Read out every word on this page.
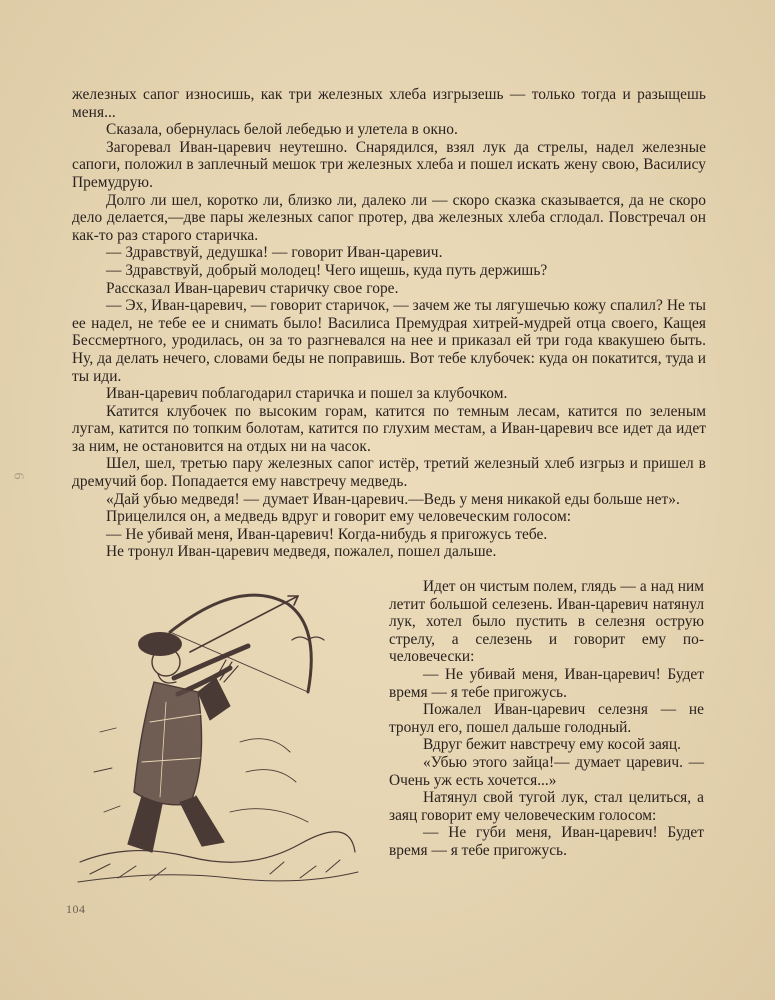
железных сапог износишь, как три железных хлеба изгрызешь — только тогда и разыщешь меня...

Сказала, обернулась белой лебедью и улетела в окно.

Загоревал Иван-царевич неутешно. Снарядился, взял лук да стрелы, надел железные сапоги, положил в заплечный мешок три железных хлеба и пошел искать жену свою, Василису Премудрую.

Долго ли шел, коротко ли, близко ли, далеко ли — скоро сказка сказывается, да не скоро дело делается,—две пары железных сапог протер, два железных хлеба сглодал. Повстречал он как-то раз старого старичка.

— Здравствуй, дедушка! — говорит Иван-царевич.

— Здравствуй, добрый молодец! Чего ищешь, куда путь держишь?

Рассказал Иван-царевич старичку свое горе.

— Эх, Иван-царевич, — говорит старичок, — зачем же ты лягушечью кожу спалил? Не ты ее надел, не тебе ее и снимать было! Василиса Премудрая хитрей-мудрей отца своего, Кащея Бессмертного, уродилась, он за то разгневался на нее и приказал ей три года квакушею быть. Ну, да делать нечего, словами беды не поправишь. Вот тебе клубочек: куда он покатится, туда и ты иди.

Иван-царевич поблагодарил старичка и пошел за клубочком.

Катится клубочек по высоким горам, катится по темным лесам, катится по зеленым лугам, катится по топким болотам, катится по глухим местам, а Иван-царевич все идет да идет за ним, не остановится на отдых ни на часок.

Шел, шел, третью пару железных сапог истёр, третий железный хлеб изгрыз и пришел в дремучий бор. Попадается ему навстречу медведь.

«Дай убью медведя! — думает Иван-царевич.—Ведь у меня никакой еды больше нет».

Прицелился он, а медведь вдруг и говорит ему человеческим голосом:

— Не убивай меня, Иван-царевич! Когда-нибудь я пригожусь тебе.

Не тронул Иван-царевич медведя, пожалел, пошел дальше.

Идет он чистым полем, глядь — а над ним летит большой селезень. Иван-царевич натянул лук, хотел было пустить в селезня острую стрелу, а селезень и говорит ему по-человечески:

— Не убивай меня, Иван-царевич! Будет время — я тебе пригожусь.

Пожалел Иван-царевич селезня — не тронул его, пошел дальше голодный.

Вдруг бежит навстречу ему косой заяц.

«Убью этого зайца!— думает царевич. — Очень уж есть хочется...»

Натянул свой тугой лук, стал целиться, а заяц говорит ему человеческим голосом:

— Не губи меня, Иван-царевич! Будет время — я тебе пригожусь.

6
104
